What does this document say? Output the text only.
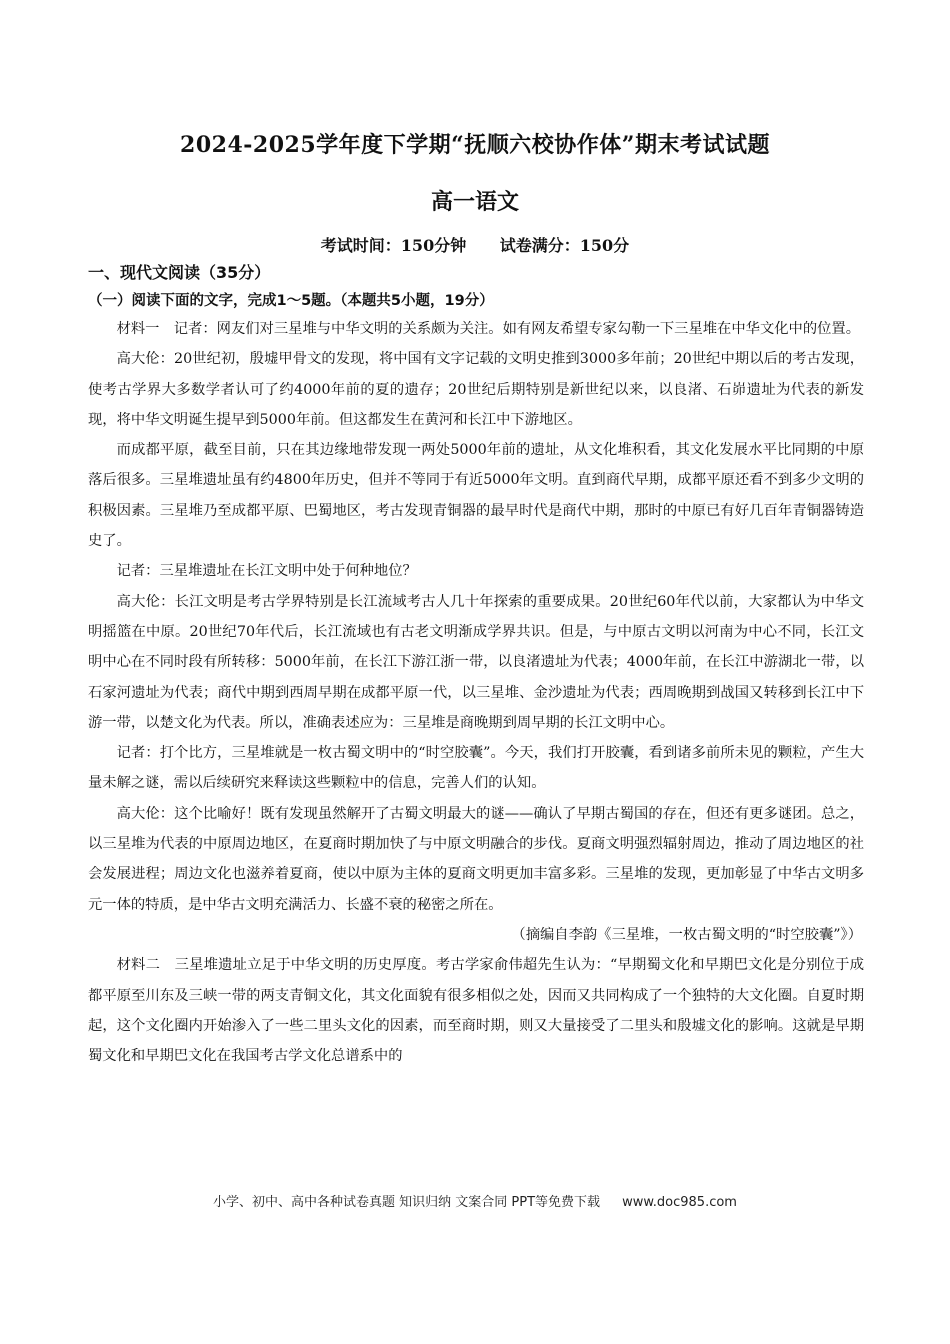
2024-2025学年度下学期“抚顺六校协作体”期末考试试题
高一语文
考试时间：150分钟 试卷满分：150分
一、现代文阅读（35分）
（一）阅读下面的文字，完成1～5题。（本题共5小题，19分）

材料一　记者：网友们对三星堆与中华文明的关系颇为关注。如有网友希望专家勾勒一下三星堆在中华文化中的位置。

高大伦：20世纪初，殷墟甲骨文的发现，将中国有文字记载的文明史推到3000多年前；20世纪中期以后的考古发现，使考古学界大多数学者认可了约4000年前的夏的遗存；20世纪后期特别是新世纪以来，以良渚、石峁遗址为代表的新发现，将中华文明诞生提早到5000年前。但这都发生在黄河和长江中下游地区。

而成都平原，截至目前，只在其边缘地带发现一两处5000年前的遗址，从文化堆积看，其文化发展水平比同期的中原落后很多。三星堆遗址虽有约4800年历史，但并不等同于有近5000年文明。直到商代早期，成都平原还看不到多少文明的积极因素。三星堆乃至成都平原、巴蜀地区，考古发现青铜器的最早时代是商代中期，那时的中原已有好几百年青铜器铸造史了。

记者：三星堆遗址在长江文明中处于何种地位？

高大伦：长江文明是考古学界特别是长江流域考古人几十年探索的重要成果。20世纪60年代以前，大家都认为中华文明摇篮在中原。20世纪70年代后，长江流域也有古老文明渐成学界共识。但是，与中原古文明以河南为中心不同，长江文明中心在不同时段有所转移：5000年前，在长江下游江浙一带，以良渚遗址为代表；4000年前，在长江中游湖北一带，以石家河遗址为代表；商代中期到西周早期在成都平原一代，以三星堆、金沙遗址为代表；西周晚期到战国又转移到长江中下游一带，以楚文化为代表。所以，准确表述应为：三星堆是商晚期到周早期的长江文明中心。

记者：打个比方，三星堆就是一枚古蜀文明中的“时空胶囊”。今天，我们打开胶囊，看到诸多前所未见的颗粒，产生大量未解之谜，需以后续研究来释读这些颗粒中的信息，完善人们的认知。

高大伦：这个比喻好！既有发现虽然解开了古蜀文明最大的谜——确认了早期古蜀国的存在，但还有更多谜团。总之，以三星堆为代表的中原周边地区，在夏商时期加快了与中原文明融合的步伐。夏商文明强烈辐射周边，推动了周边地区的社会发展进程；周边文化也滋养着夏商，使以中原为主体的夏商文明更加丰富多彩。三星堆的发现，更加彰显了中华古文明多元一体的特质，是中华古文明充满活力、长盛不衰的秘密之所在。

（摘编自李韵《三星堆，一枚古蜀文明的“时空胶囊”》）

材料二　三星堆遗址立足于中华文明的历史厚度。考古学家俞伟超先生认为：“早期蜀文化和早期巴文化是分别位于成都平原至川东及三峡一带的两支青铜文化，其文化面貌有很多相似之处，因而又共同构成了一个独特的大文化圈。自夏时期起，这个文化圈内开始渗入了一些二里头文化的因素，而至商时期，则又大量接受了二里头和殷墟文化的影响。这就是早期蜀文化和早期巴文化在我国考古学文化总谱系中的

小学、初中、高中各种试卷真题 知识归纳 文案合同 PPT等免费下载 www.doc985.com
